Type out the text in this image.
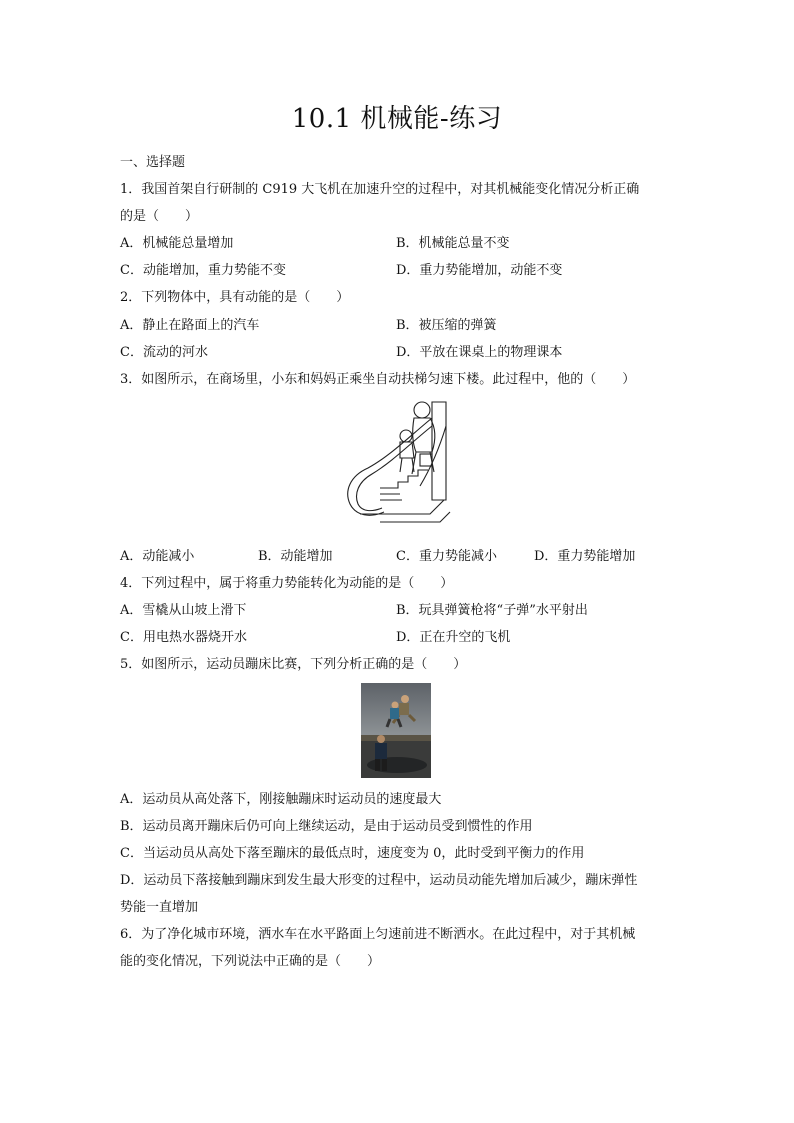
10.1 机械能-练习
一、选择题
1．我国首架自行研制的 C919 大飞机在加速升空的过程中，对其机械能变化情况分析正确
的是（　　）
A．机械能总量增加	B．机械能总量不变
C．动能增加，重力势能不变	D．重力势能增加，动能不变
2．下列物体中，具有动能的是（　　）
A．静止在路面上的汽车	B．被压缩的弹簧
C．流动的河水	D．平放在课桌上的物理课本
3．如图所示，在商场里，小东和妈妈正乘坐自动扶梯匀速下楼。此过程中，他的（　　）
A．动能减小	B．动能增加	C．重力势能减小	D．重力势能增加
4．下列过程中，属于将重力势能转化为动能的是（　　）
A．雪橇从山坡上滑下	B．玩具弹簧枪将“子弹”水平射出
C．用电热水器烧开水	D．正在升空的飞机
5．如图所示，运动员蹦床比赛，下列分析正确的是（　　）
A．运动员从高处落下，刚接触蹦床时运动员的速度最大
B．运动员离开蹦床后仍可向上继续运动，是由于运动员受到惯性的作用
C．当运动员从高处下落至蹦床的最低点时，速度变为 0，此时受到平衡力的作用
D．运动员下落接触到蹦床到发生最大形变的过程中，运动员动能先增加后减少，蹦床弹性
势能一直增加
6．为了净化城市环境，洒水车在水平路面上匀速前进不断洒水。在此过程中，对于其机械
能的变化情况，下列说法中正确的是（　　）
